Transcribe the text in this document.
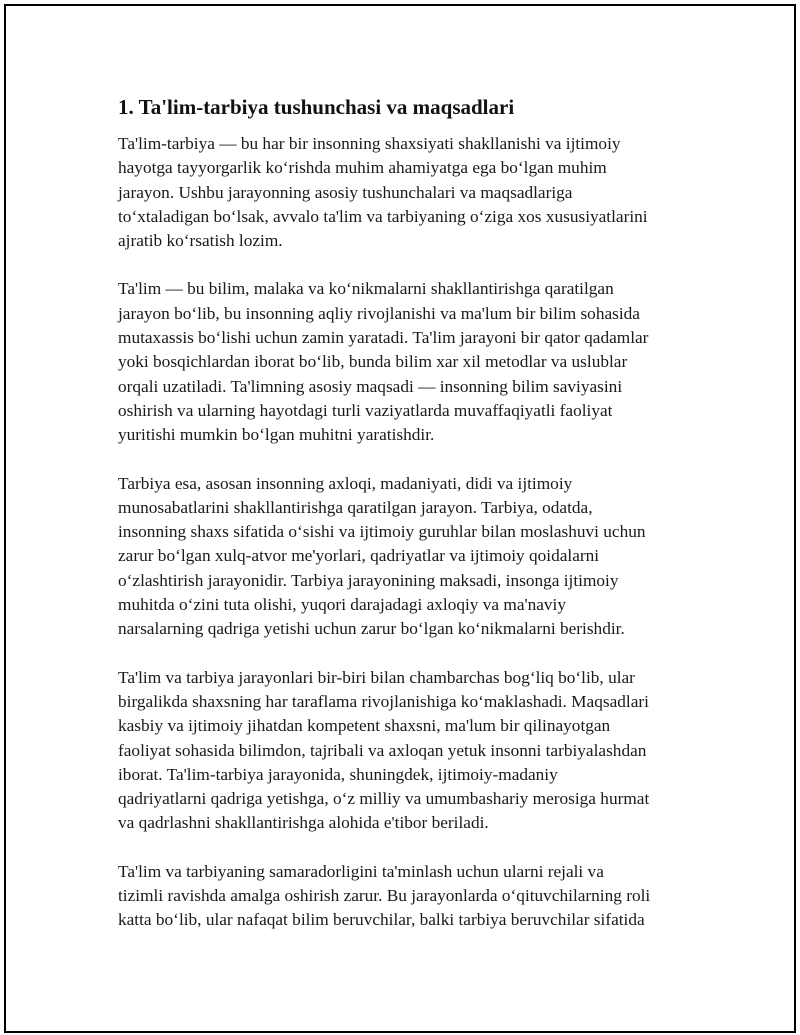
1. Ta'lim-tarbiya tushunchasi va maqsadlari

Ta'lim-tarbiya — bu har bir insonning shaxsiyati shakllanishi va ijtimoiy
hayotga tayyorgarlik ko‘rishda muhim ahamiyatga ega bo‘lgan muhim
jarayon. Ushbu jarayonning asosiy tushunchalari va maqsadlariga
to‘xtaladigan bo‘lsak, avvalo ta'lim va tarbiyaning o‘ziga xos xususiyatlarini
ajratib ko‘rsatish lozim.

Ta'lim — bu bilim, malaka va ko‘nikmalarni shakllantirishga qaratilgan
jarayon bo‘lib, bu insonning aqliy rivojlanishi va ma'lum bir bilim sohasida
mutaxassis bo‘lishi uchun zamin yaratadi. Ta'lim jarayoni bir qator qadamlar
yoki bosqichlardan iborat bo‘lib, bunda bilim xar xil metodlar va uslublar
orqali uzatiladi. Ta'limning asosiy maqsadi — insonning bilim saviyasini
oshirish va ularning hayotdagi turli vaziyatlarda muvaffaqiyatli faoliyat
yuritishi mumkin bo‘lgan muhitni yaratishdir.

Tarbiya esa, asosan insonning axloqi, madaniyati, didi va ijtimoiy
munosabatlarini shakllantirishga qaratilgan jarayon. Tarbiya, odatda,
insonning shaxs sifatida o‘sishi va ijtimoiy guruhlar bilan moslashuvi uchun
zarur bo‘lgan xulq-atvor me'yorlari, qadriyatlar va ijtimoiy qoidalarni
o‘zlashtirish jarayonidir. Tarbiya jarayonining maksadi, insonga ijtimoiy
muhitda o‘zini tuta olishi, yuqori darajadagi axloqiy va ma'naviy
narsalarning qadriga yetishi uchun zarur bo‘lgan ko‘nikmalarni berishdir.

Ta'lim va tarbiya jarayonlari bir-biri bilan chambarchas bog‘liq bo‘lib, ular
birgalikda shaxsning har taraflama rivojlanishiga ko‘maklashadi. Maqsadlari
kasbiy va ijtimoiy jihatdan kompetent shaxsni, ma'lum bir qilinayotgan
faoliyat sohasida bilimdon, tajribali va axloqan yetuk insonni tarbiyalashdan
iborat. Ta'lim-tarbiya jarayonida, shuningdek, ijtimoiy-madaniy
qadriyatlarni qadriga yetishga, o‘z milliy va umumbashariy merosiga hurmat
va qadrlashni shakllantirishga alohida e'tibor beriladi.

Ta'lim va tarbiyaning samaradorligini ta'minlash uchun ularni rejali va
tizimli ravishda amalga oshirish zarur. Bu jarayonlarda o‘qituvchilarning roli
katta bo‘lib, ular nafaqat bilim beruvchilar, balki tarbiya beruvchilar sifatida
